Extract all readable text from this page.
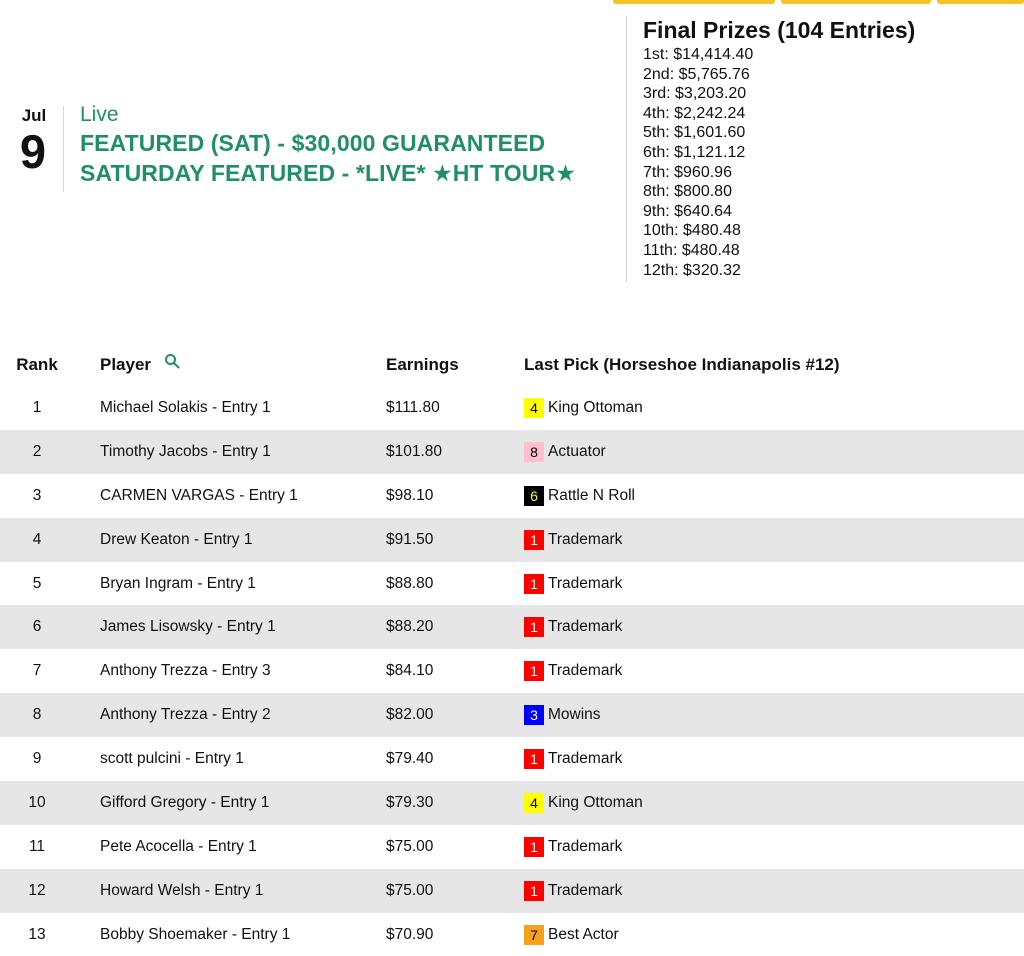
Jul
9
Live
FEATURED (SAT) - $30,000 GUARANTEED
SATURDAY FEATURED - *LIVE* ★HT TOUR★
Final Prizes (104 Entries)
1st: $14,414.40
2nd: $5,765.76
3rd: $3,203.20
4th: $2,242.24
5th: $1,601.60
6th: $1,121.12
7th: $960.96
8th: $800.80
9th: $640.64
10th: $480.48
11th: $480.48
12th: $320.32
Rank	Player	Earnings	Last Pick (Horseshoe Indianapolis #12)
1	Michael Solakis - Entry 1	$111.80	4 King Ottoman

2	Timothy Jacobs - Entry 1	$101.80	8 Actuator

3	CARMEN VARGAS - Entry 1	$98.10	6 Rattle N Roll

4	Drew Keaton - Entry 1	$91.50	1 Trademark

5	Bryan Ingram - Entry 1	$88.80	1 Trademark

6	James Lisowsky - Entry 1	$88.20	1 Trademark

7	Anthony Trezza - Entry 3	$84.10	1 Trademark

8	Anthony Trezza - Entry 2	$82.00	3 Mowins

9	scott pulcini - Entry 1	$79.40	1 Trademark

10	Gifford Gregory - Entry 1	$79.30	4 King Ottoman

11	Pete Acocella - Entry 1	$75.00	1 Trademark

12	Howard Welsh - Entry 1	$75.00	1 Trademark

13	Bobby Shoemaker - Entry 1	$70.90	7 Best Actor
